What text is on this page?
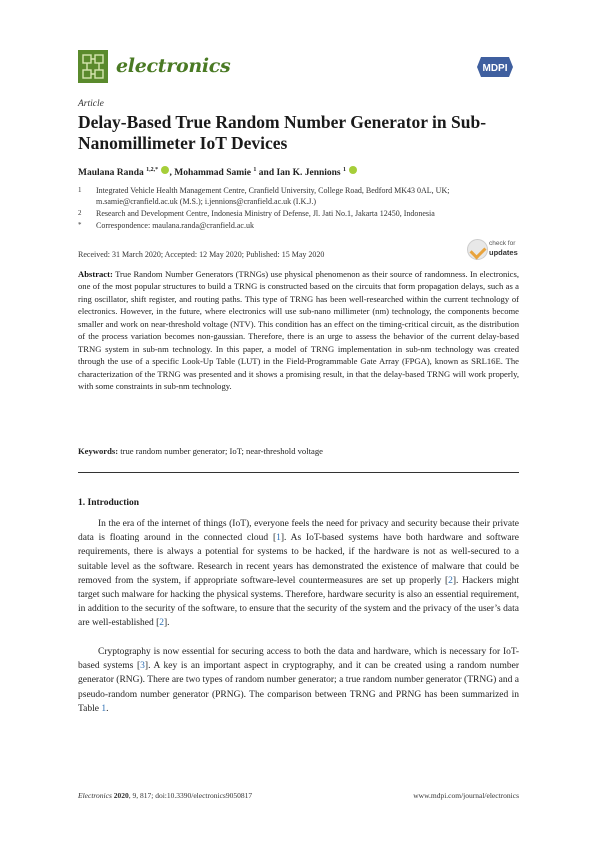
electronics	MDPI
Article
Delay-Based True Random Number Generator in Sub-Nanomillimeter IoT Devices
Maulana Randa $^{1,2,*}$ , Mohammad Samie $^1$ and Ian K. Jennions $^1$
1 Integrated Vehicle Health Management Centre, Cranfield University, College Road, Bedford MK43 0AL, UK;
m.samie@cranfield.ac.uk (M.S.); i.jennions@cranfield.ac.uk (I.K.J.)
2 Research and Development Centre, Indonesia Ministry of Defense, Jl. Jati No.1, Jakarta 12450, Indonesia
* Correspondence: maulana.randa@cranfield.ac.uk
Received: 31 March 2020; Accepted: 12 May 2020; Published: 15 May 2020
check for
updates
Abstract: True Random Number Generators (TRNGs) use physical phenomenon as their source of randomness. In electronics, one of the most popular structures to build a TRNG is constructed based on the circuits that form propagation delays, such as a ring oscillator, shift register, and routing paths. This type of TRNG has been well-researched within the current technology of electronics. However, in the future, where electronics will use sub-nano millimeter (nm) technology, the components become smaller and work on near-threshold voltage (NTV). This condition has an effect on the timing-critical circuit, as the distribution of the process variation becomes non-gaussian. Therefore, there is an urge to assess the behavior of the current delay-based TRNG system in sub-nm technology. In this paper, a model of TRNG implementation in sub-nm technology was created through the use of a specific Look-Up Table (LUT) in the Field-Programmable Gate Array (FPGA), known as SRL16E. The characterization of the TRNG was presented and it shows a promising result, in that the delay-based TRNG will work properly, with some constraints in sub-nm technology.
Keywords: true random number generator; IoT; near-threshold voltage
1. Introduction
In the era of the internet of things (IoT), everyone feels the need for privacy and security because their private data is floating around in the connected cloud [1]. As IoT-based systems have both hardware and software requirements, there is always a potential for systems to be hacked, if the hardware is not as well-secured to a suitable level as the software. Research in recent years has demonstrated the existence of malware that could be removed from the system, if appropriate software-level countermeasures are set up properly [2]. Hackers might target such malware for hacking the physical systems. Therefore, hardware security is also an essential requirement, in addition to the security of the software, to ensure that the security of the system and the privacy of the user’s data are well-established [2].
Cryptography is now essential for securing access to both the data and hardware, which is necessary for IoT-based systems [3]. A key is an important aspect in cryptography, and it can be created using a random number generator (RNG). There are two types of random number generator; a true random number generator (TRNG) and a pseudo-random number generator (PRNG). The comparison between TRNG and PRNG has been summarized in Table 1.
Electronics 2020, 9, 817; doi:10.3390/electronics9050817	www.mdpi.com/journal/electronics
